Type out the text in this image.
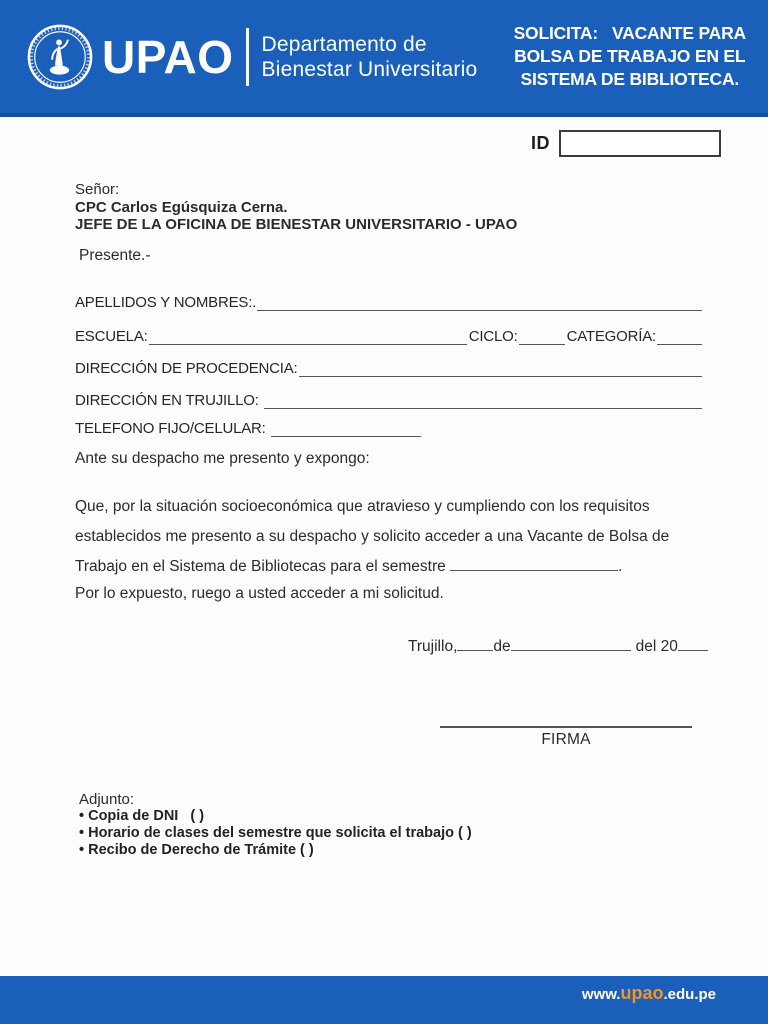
UPAO Departamento de
Bienestar Universitario
SOLICITA:   VACANTE PARA
BOLSA DE TRABAJO EN EL
SISTEMA DE BIBLIOTECA.
ID
Señor:
CPC Carlos Egúsquiza Cerna.
JEFE DE LA OFICINA DE BIENESTAR UNIVERSITARIO - UPAO
Presente.-
APELLIDOS Y NOMBRES:.
ESCUELA:	CICLO:	CATEGORÍA:
DIRECCIÓN DE PROCEDENCIA:
DIRECCIÓN EN TRUJILLO:
TELEFONO FIJO/CELULAR:
Ante su despacho me presento y expongo:
Que, por la situación socioeconómica que atravieso y cumpliendo con los requisitos establecidos me presento a su despacho y solicito acceder a una Vacante de Bolsa de Trabajo en el Sistema de Bibliotecas para el semestre	.
Por lo expuesto, ruego a usted acceder a mi solicitud.
Trujillo, de	del 20
FIRMA
Adjunto:
• Copia de DNI   ( )
• Horario de clases del semestre que solicita el trabajo ( )
• Recibo de Derecho de Trámite ( )
www.upao.edu.pe
